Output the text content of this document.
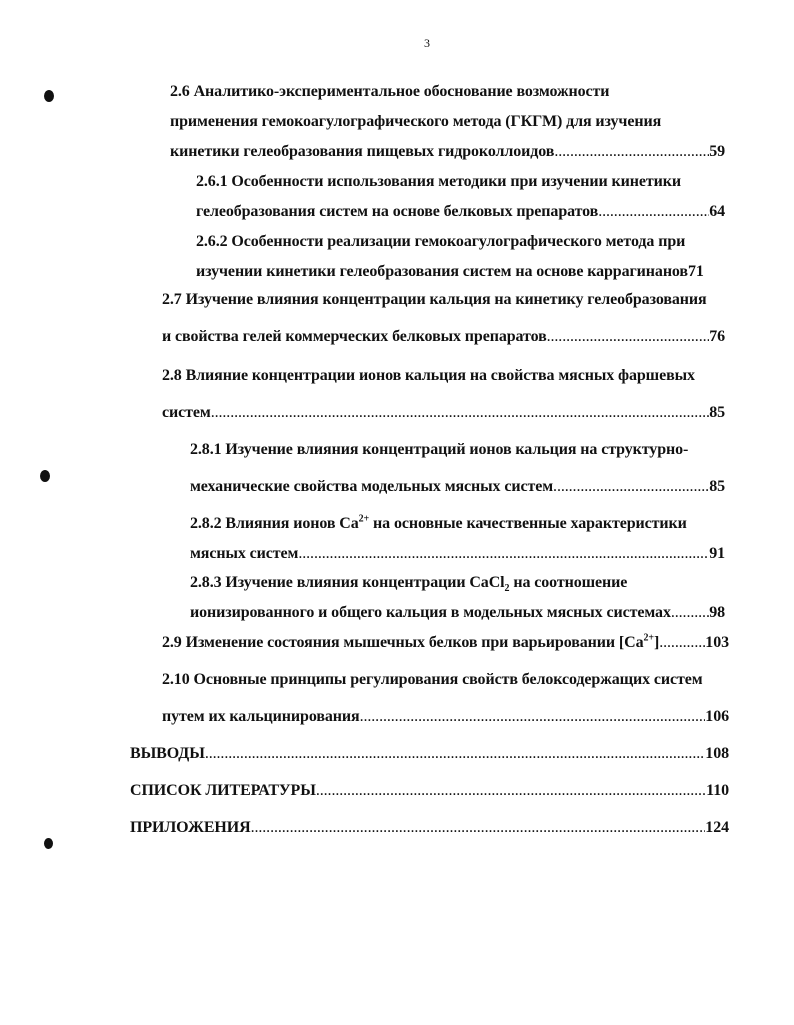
3
2.6 Аналитико-экспериментальное обоснование возможности
применения гемокоагулографического метода (ГКГМ) для изучения
кинетики гелеобразования пищевых гидроколлоидов .....	59
2.6.1 Особенности использования методики при изучении кинетики
гелеобразования систем на основе белковых препаратов .....	64
2.6.2 Особенности реализации гемокоагулографического метода при
изучении кинетики гелеобразования систем на основе каррагинанов 71
2.7 Изучение влияния концентрации кальция на кинетику гелеобразования
и свойства гелей коммерческих белковых препаратов .....	76
2.8 Влияние концентрации ионов кальция на свойства мясных фаршевых
систем .....	85
2.8.1 Изучение влияния концентраций ионов кальция на структурно-
механические свойства модельных мясных систем .....	85
2.8.2 Влияния ионов $Ca^{2+}$ на основные качественные характеристики
мясных систем .....	91
2.8.3 Изучение влияния концентрации CaCl$_2$ на соотношение
ионизированного и общего кальция в модельных мясных системах ..... 98
2.9 Изменение состояния мышечных белков при варьировании $[Ca^{2+}]$ .....	103
2.10 Основные принципы регулирования свойств белоксодержащих систем
путем их кальцинирования .....	106
ВЫВОДЫ .....	108
СПИСОК ЛИТЕРАТУРЫ .....	110
ПРИЛОЖЕНИЯ .....	124
